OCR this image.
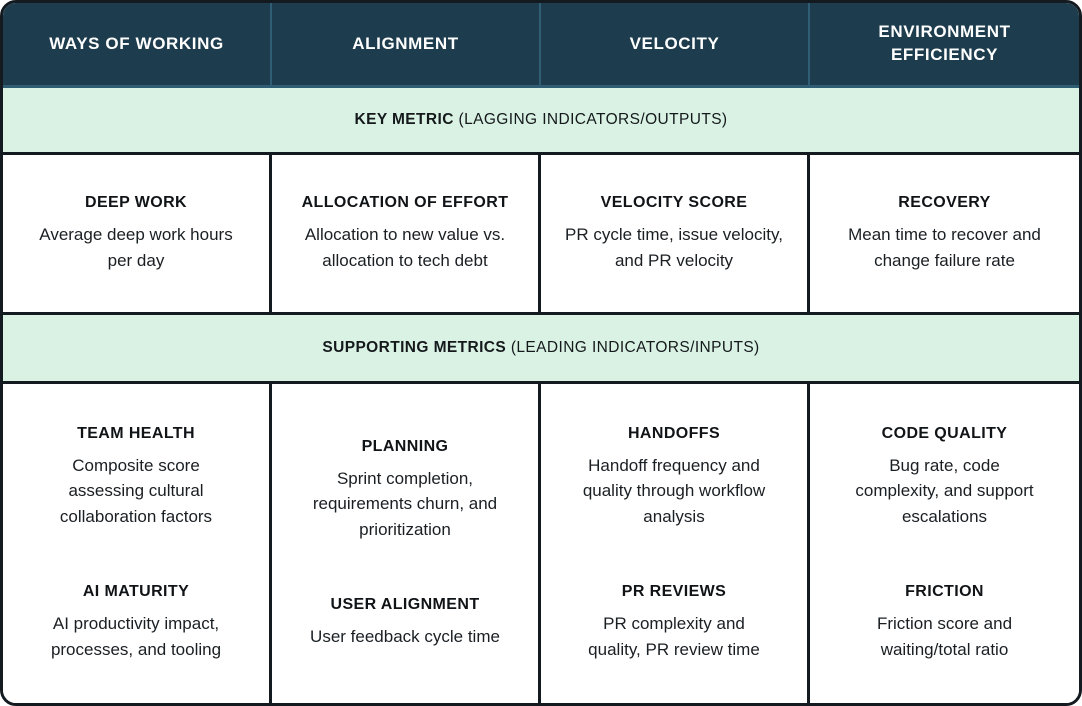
WAYS OF WORKING	ALIGNMENT	VELOCITY
ENVIRONMENT EFFICIENCY

KEY METRIC (LAGGING INDICATORS/OUTPUTS)

DEEP WORK
Average deep work hours per day
ALLOCATION OF EFFORT
Allocation to new value vs. allocation to tech debt
VELOCITY SCORE
PR cycle time, issue velocity, and PR velocity
RECOVERY
Mean time to recover and change failure rate

SUPPORTING METRICS (LEADING INDICATORS/INPUTS)

TEAM HEALTH
Composite score assessing cultural collaboration factors
AI MATURITY
AI productivity impact, processes, and tooling
PLANNING
Sprint completion, requirements churn, and prioritization
USER ALIGNMENT
User feedback cycle time
HANDOFFS
Handoff frequency and quality through workflow analysis
PR REVIEWS
PR complexity and quality, PR review time
CODE QUALITY
Bug rate, code complexity, and support escalations
FRICTION
Friction score and waiting/total ratio
